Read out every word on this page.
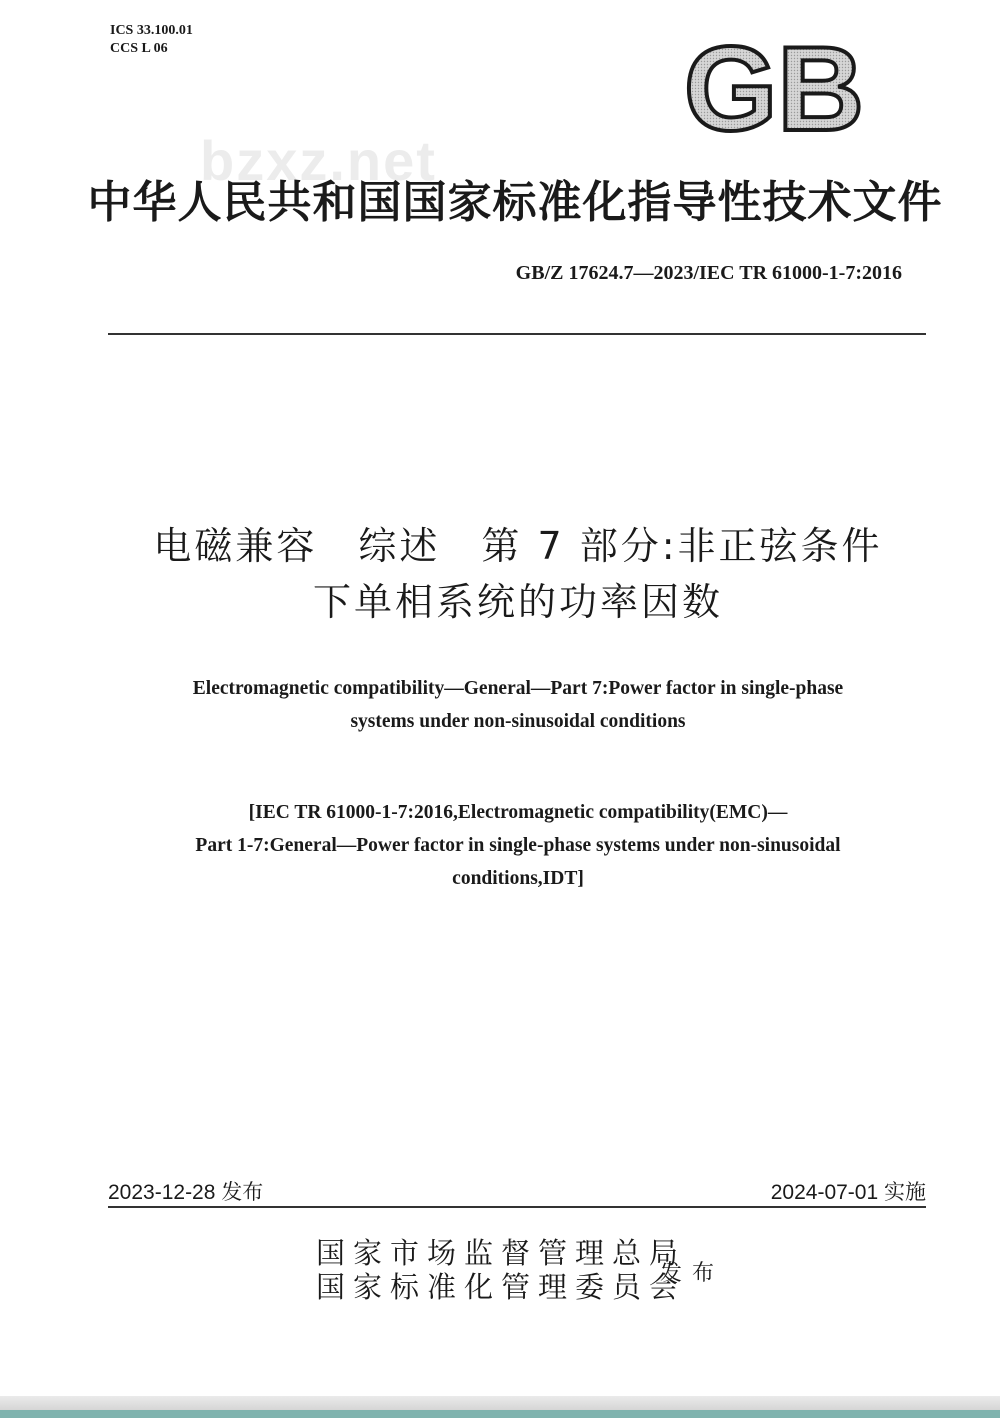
ICS 33.100.01
CCS L 06
bzxz.net
GB
中华人民共和国国家标准化指导性技术文件
GB/Z 17624.7—2023/IEC TR 61000-1-7:2016
电磁兼容　综述　第 7 部分:非正弦条件
下单相系统的功率因数
Electromagnetic compatibility—General—Part 7:Power factor in single-phase
systems under non-sinusoidal conditions
[IEC TR 61000-1-7:2016,Electromagnetic compatibility(EMC)—
Part 1-7:General—Power factor in single-phase systems under non-sinusoidal
conditions,IDT]
2023-12-28 发布	2024-07-01 实施
国家市场监督管理总局
国家标准化管理委员会
发布
